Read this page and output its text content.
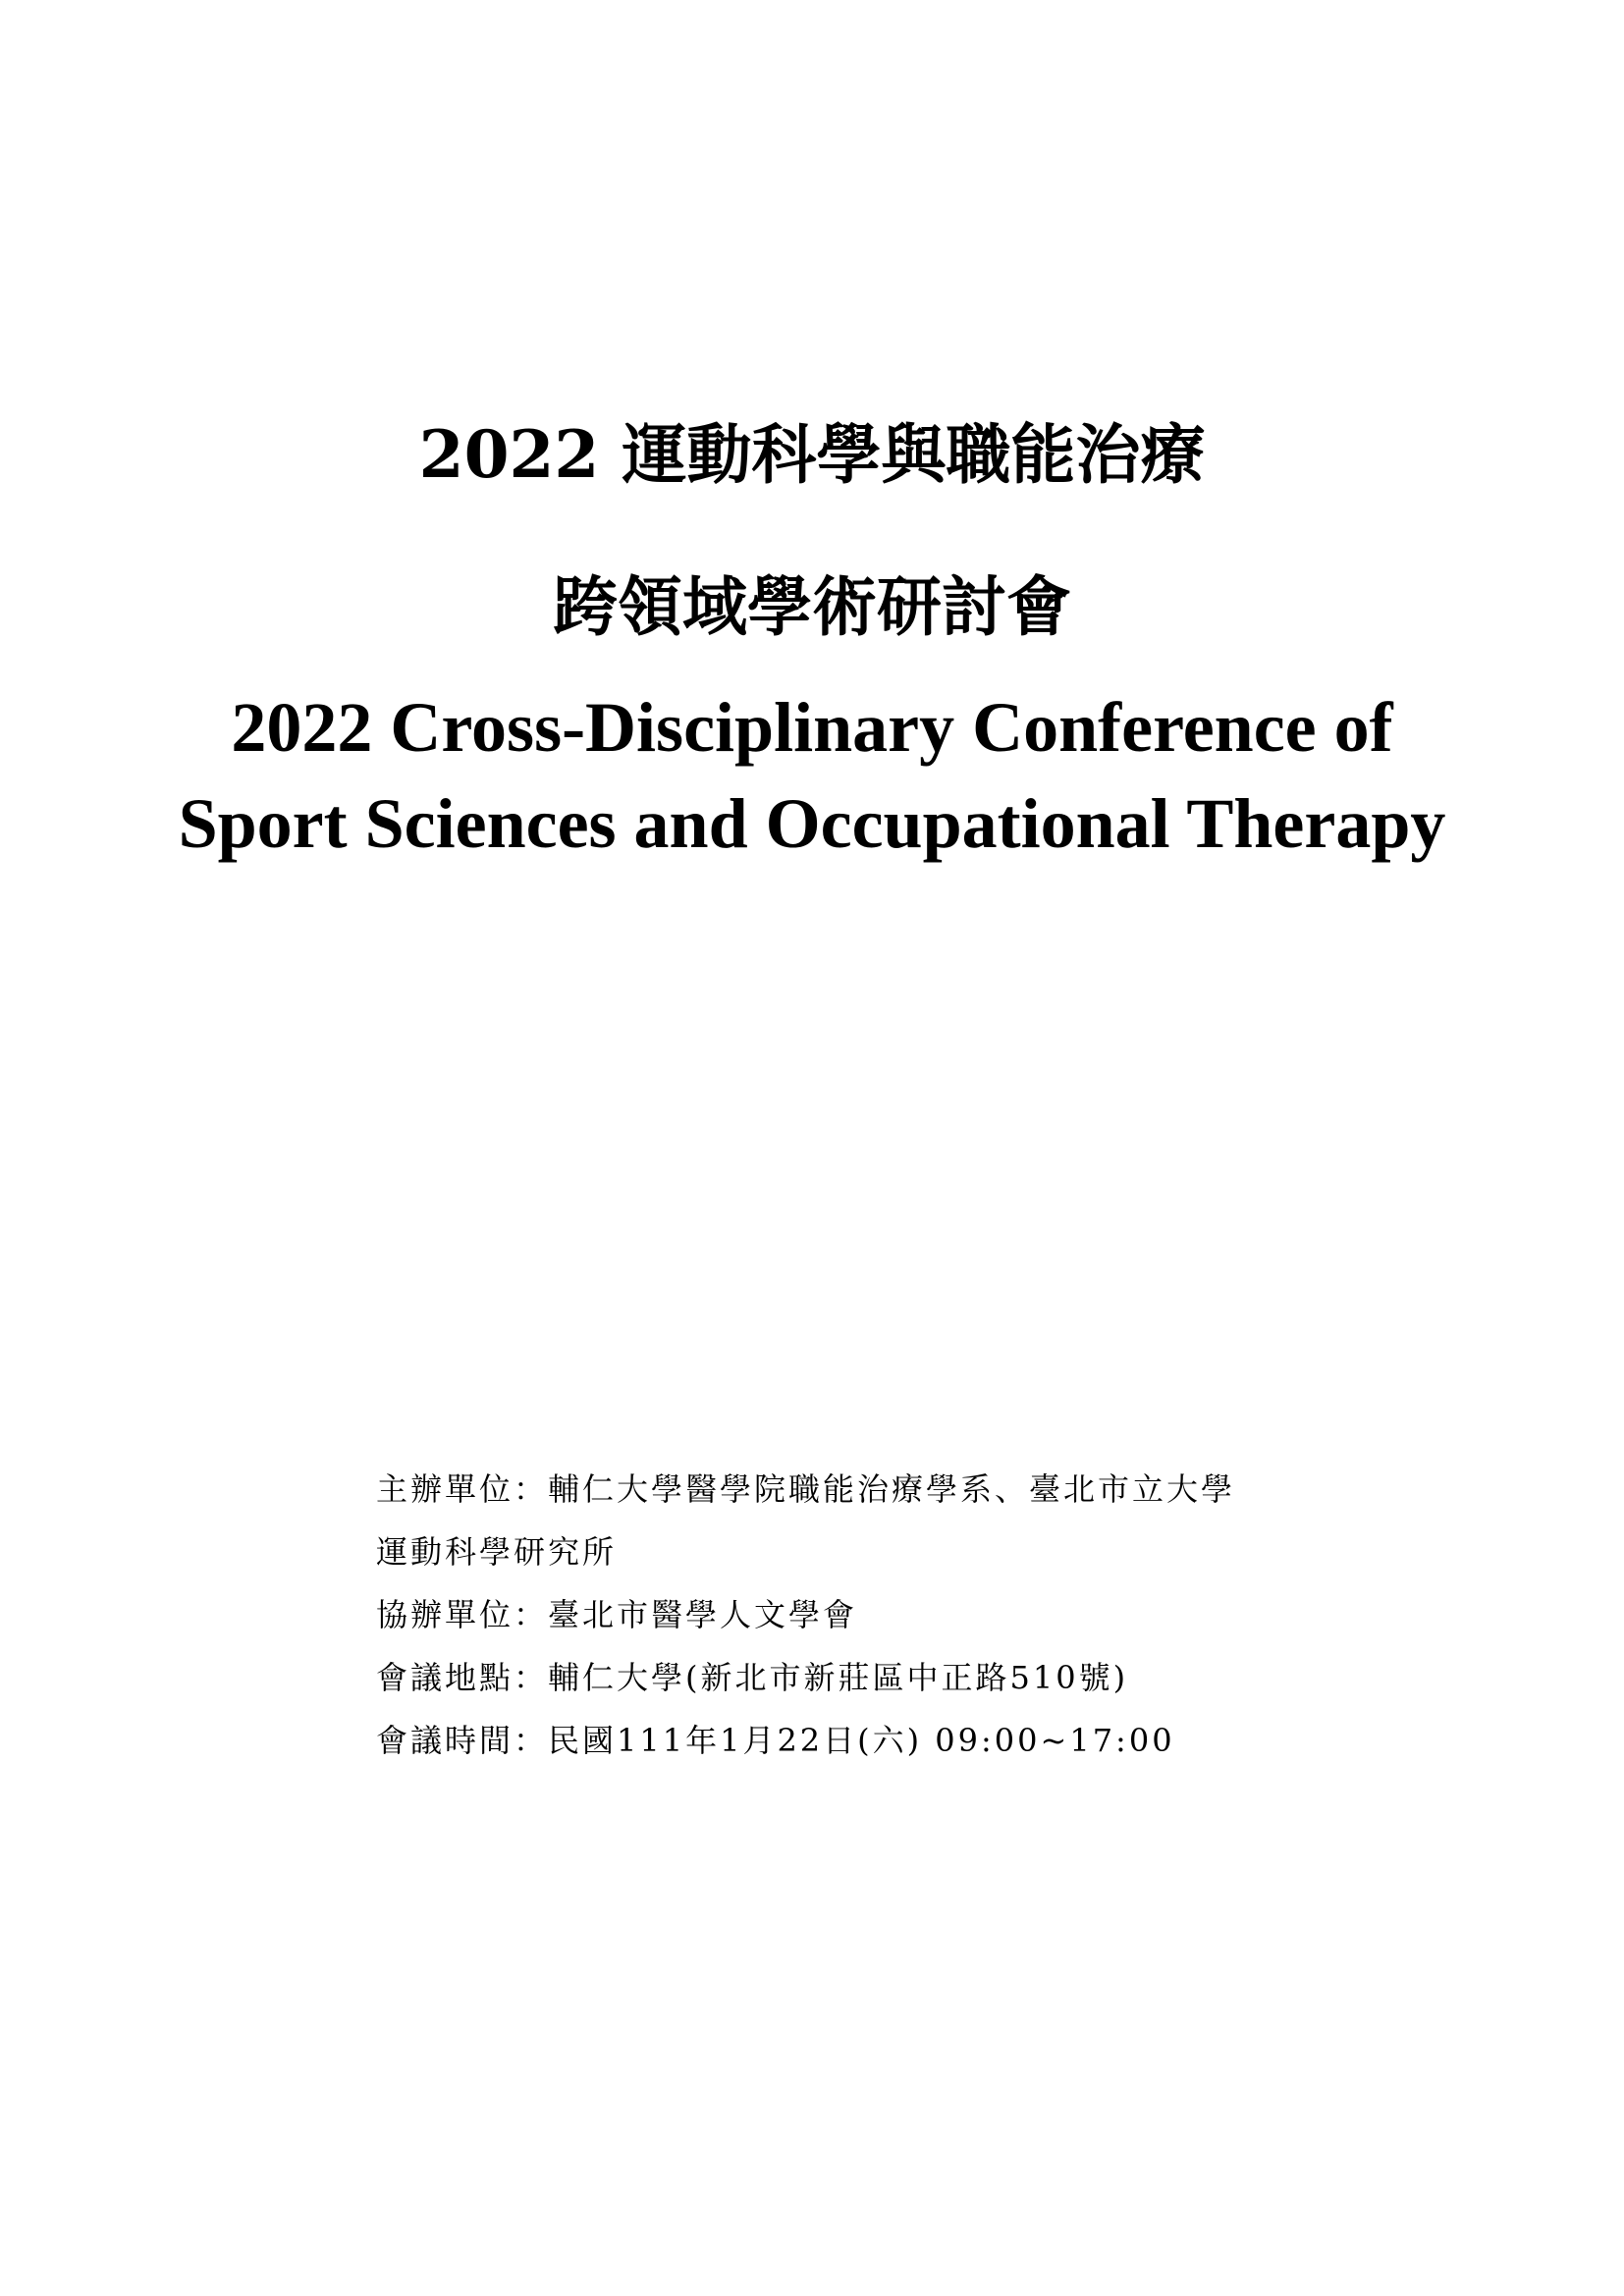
2022 運動科學與職能治療
跨領域學術研討會
2022 Cross-Disciplinary Conference of
Sport Sciences and Occupational Therapy
主辦單位：輔仁大學醫學院職能治療學系、臺北市立大學
運動科學研究所
協辦單位：臺北市醫學人文學會
會議地點：輔仁大學(新北市新莊區中正路510號)
會議時間：民國111年1月22日(六) 09:00~17:00
